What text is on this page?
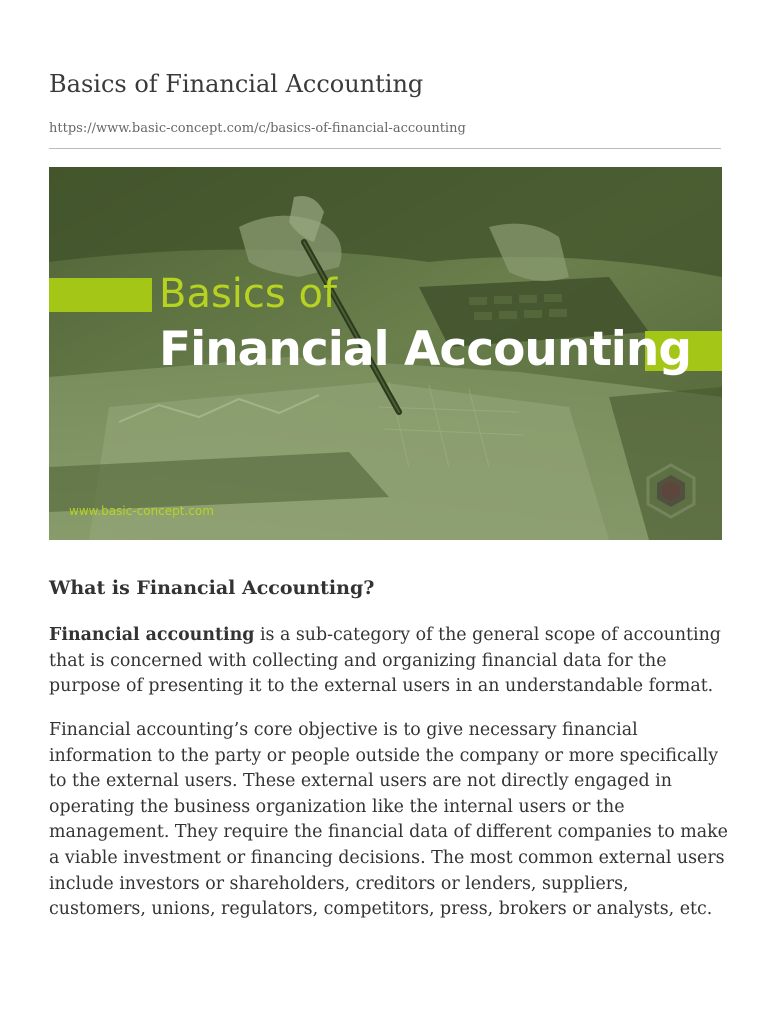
Basics of Financial Accounting
https://www.basic-concept.com/c/basics-of-financial-accounting
Basics of
Financial Accounting
www.basic-concept.com
What is Financial Accounting?

Financial accounting is a sub-category of the general scope of accounting that is concerned with collecting and organizing financial data for the purpose of presenting it to the external users in an understandable format.

Financial accounting’s core objective is to give necessary financial information to the party or people outside the company or more specifically to the external users. These external users are not directly engaged in operating the business organization like the internal users or the management. They require the financial data of different companies to make a viable investment or financing decisions. The most common external users include investors or shareholders, creditors or lenders, suppliers, customers, unions, regulators, competitors, press, brokers or analysts, etc.
